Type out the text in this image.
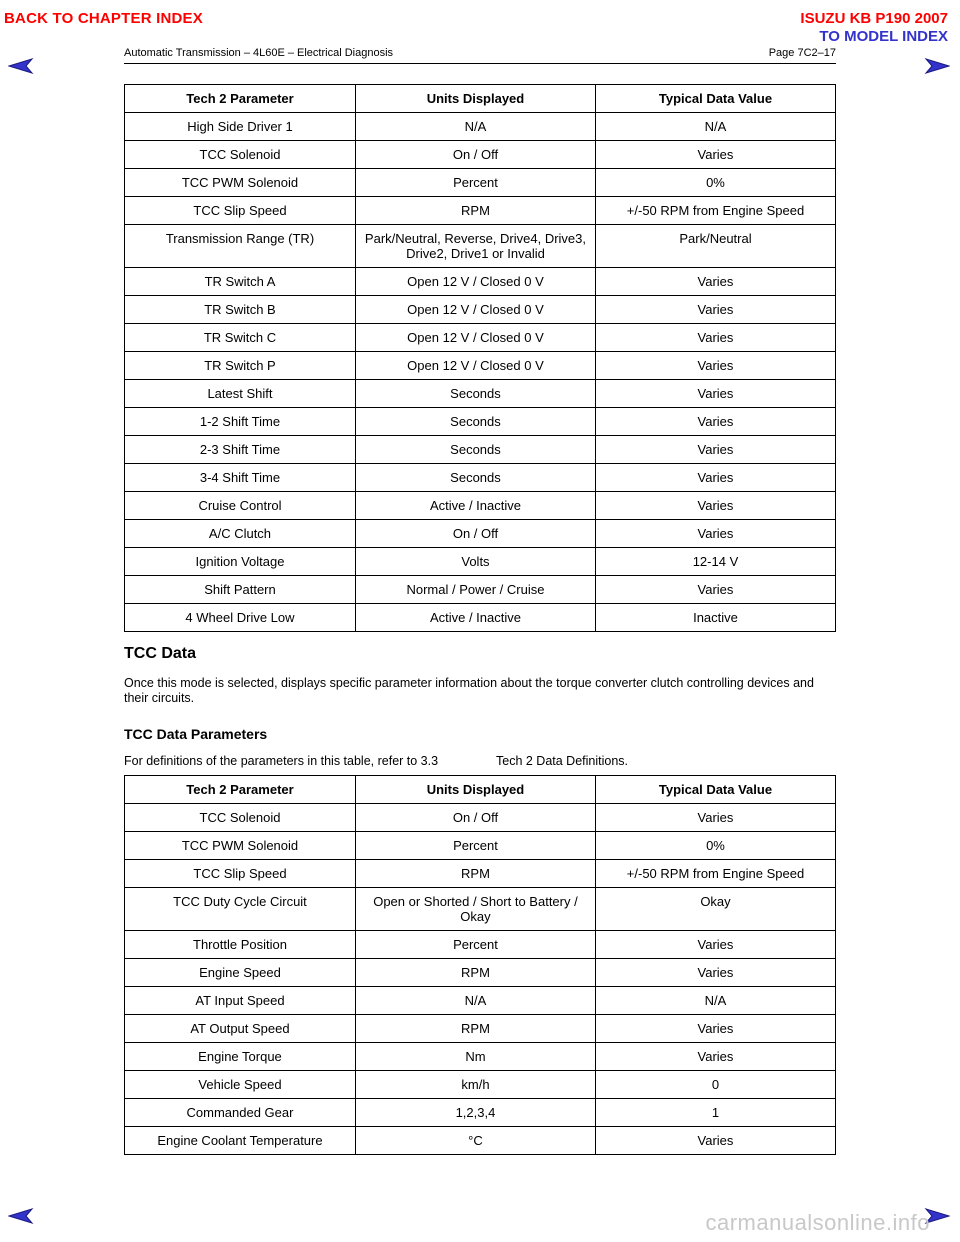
BACK TO CHAPTER INDEX	ISUZU KB P190 2007
TO MODEL INDEX
Automatic Transmission – 4L60E – Electrical Diagnosis	Page 7C2–17
Tech 2 Parameter	Units Displayed	Typical Data Value
High Side Driver 1	N/A	N/A
TCC Solenoid	On / Off	Varies
TCC PWM Solenoid	Percent	0%
TCC Slip Speed	RPM	+/-50 RPM from Engine Speed
Transmission Range (TR)	Park/Neutral, Reverse, Drive4, Drive3, Drive2, Drive1 or Invalid	Park/Neutral
TR Switch A	Open 12 V / Closed 0 V	Varies
TR Switch B	Open 12 V / Closed 0 V	Varies
TR Switch C	Open 12 V / Closed 0 V	Varies
TR Switch P	Open 12 V / Closed 0 V	Varies
Latest Shift	Seconds	Varies
1-2 Shift Time	Seconds	Varies
2-3 Shift Time	Seconds	Varies
3-4 Shift Time	Seconds	Varies
Cruise Control	Active / Inactive	Varies
A/C Clutch	On / Off	Varies
Ignition Voltage	Volts	12-14 V
Shift Pattern	Normal / Power / Cruise	Varies
4 Wheel Drive Low	Active / Inactive	Inactive
TCC Data
Once this mode is selected, displays specific parameter information about the torque converter clutch controlling devices and their circuits.
TCC Data Parameters
For definitions of the parameters in this table, refer to 3.3	Tech 2 Data Definitions.
Tech 2 Parameter	Units Displayed	Typical Data Value
TCC Solenoid	On / Off	Varies
TCC PWM Solenoid	Percent	0%
TCC Slip Speed	RPM	+/-50 RPM from Engine Speed
TCC Duty Cycle Circuit	Open or Shorted / Short to Battery / Okay	Okay
Throttle Position	Percent	Varies
Engine Speed	RPM	Varies
AT Input Speed	N/A	N/A
AT Output Speed	RPM	Varies
Engine Torque	Nm	Varies
Vehicle Speed	km/h	0
Commanded Gear	1,2,3,4	1
Engine Coolant Temperature	°C	Varies
carmanualsonline.info
